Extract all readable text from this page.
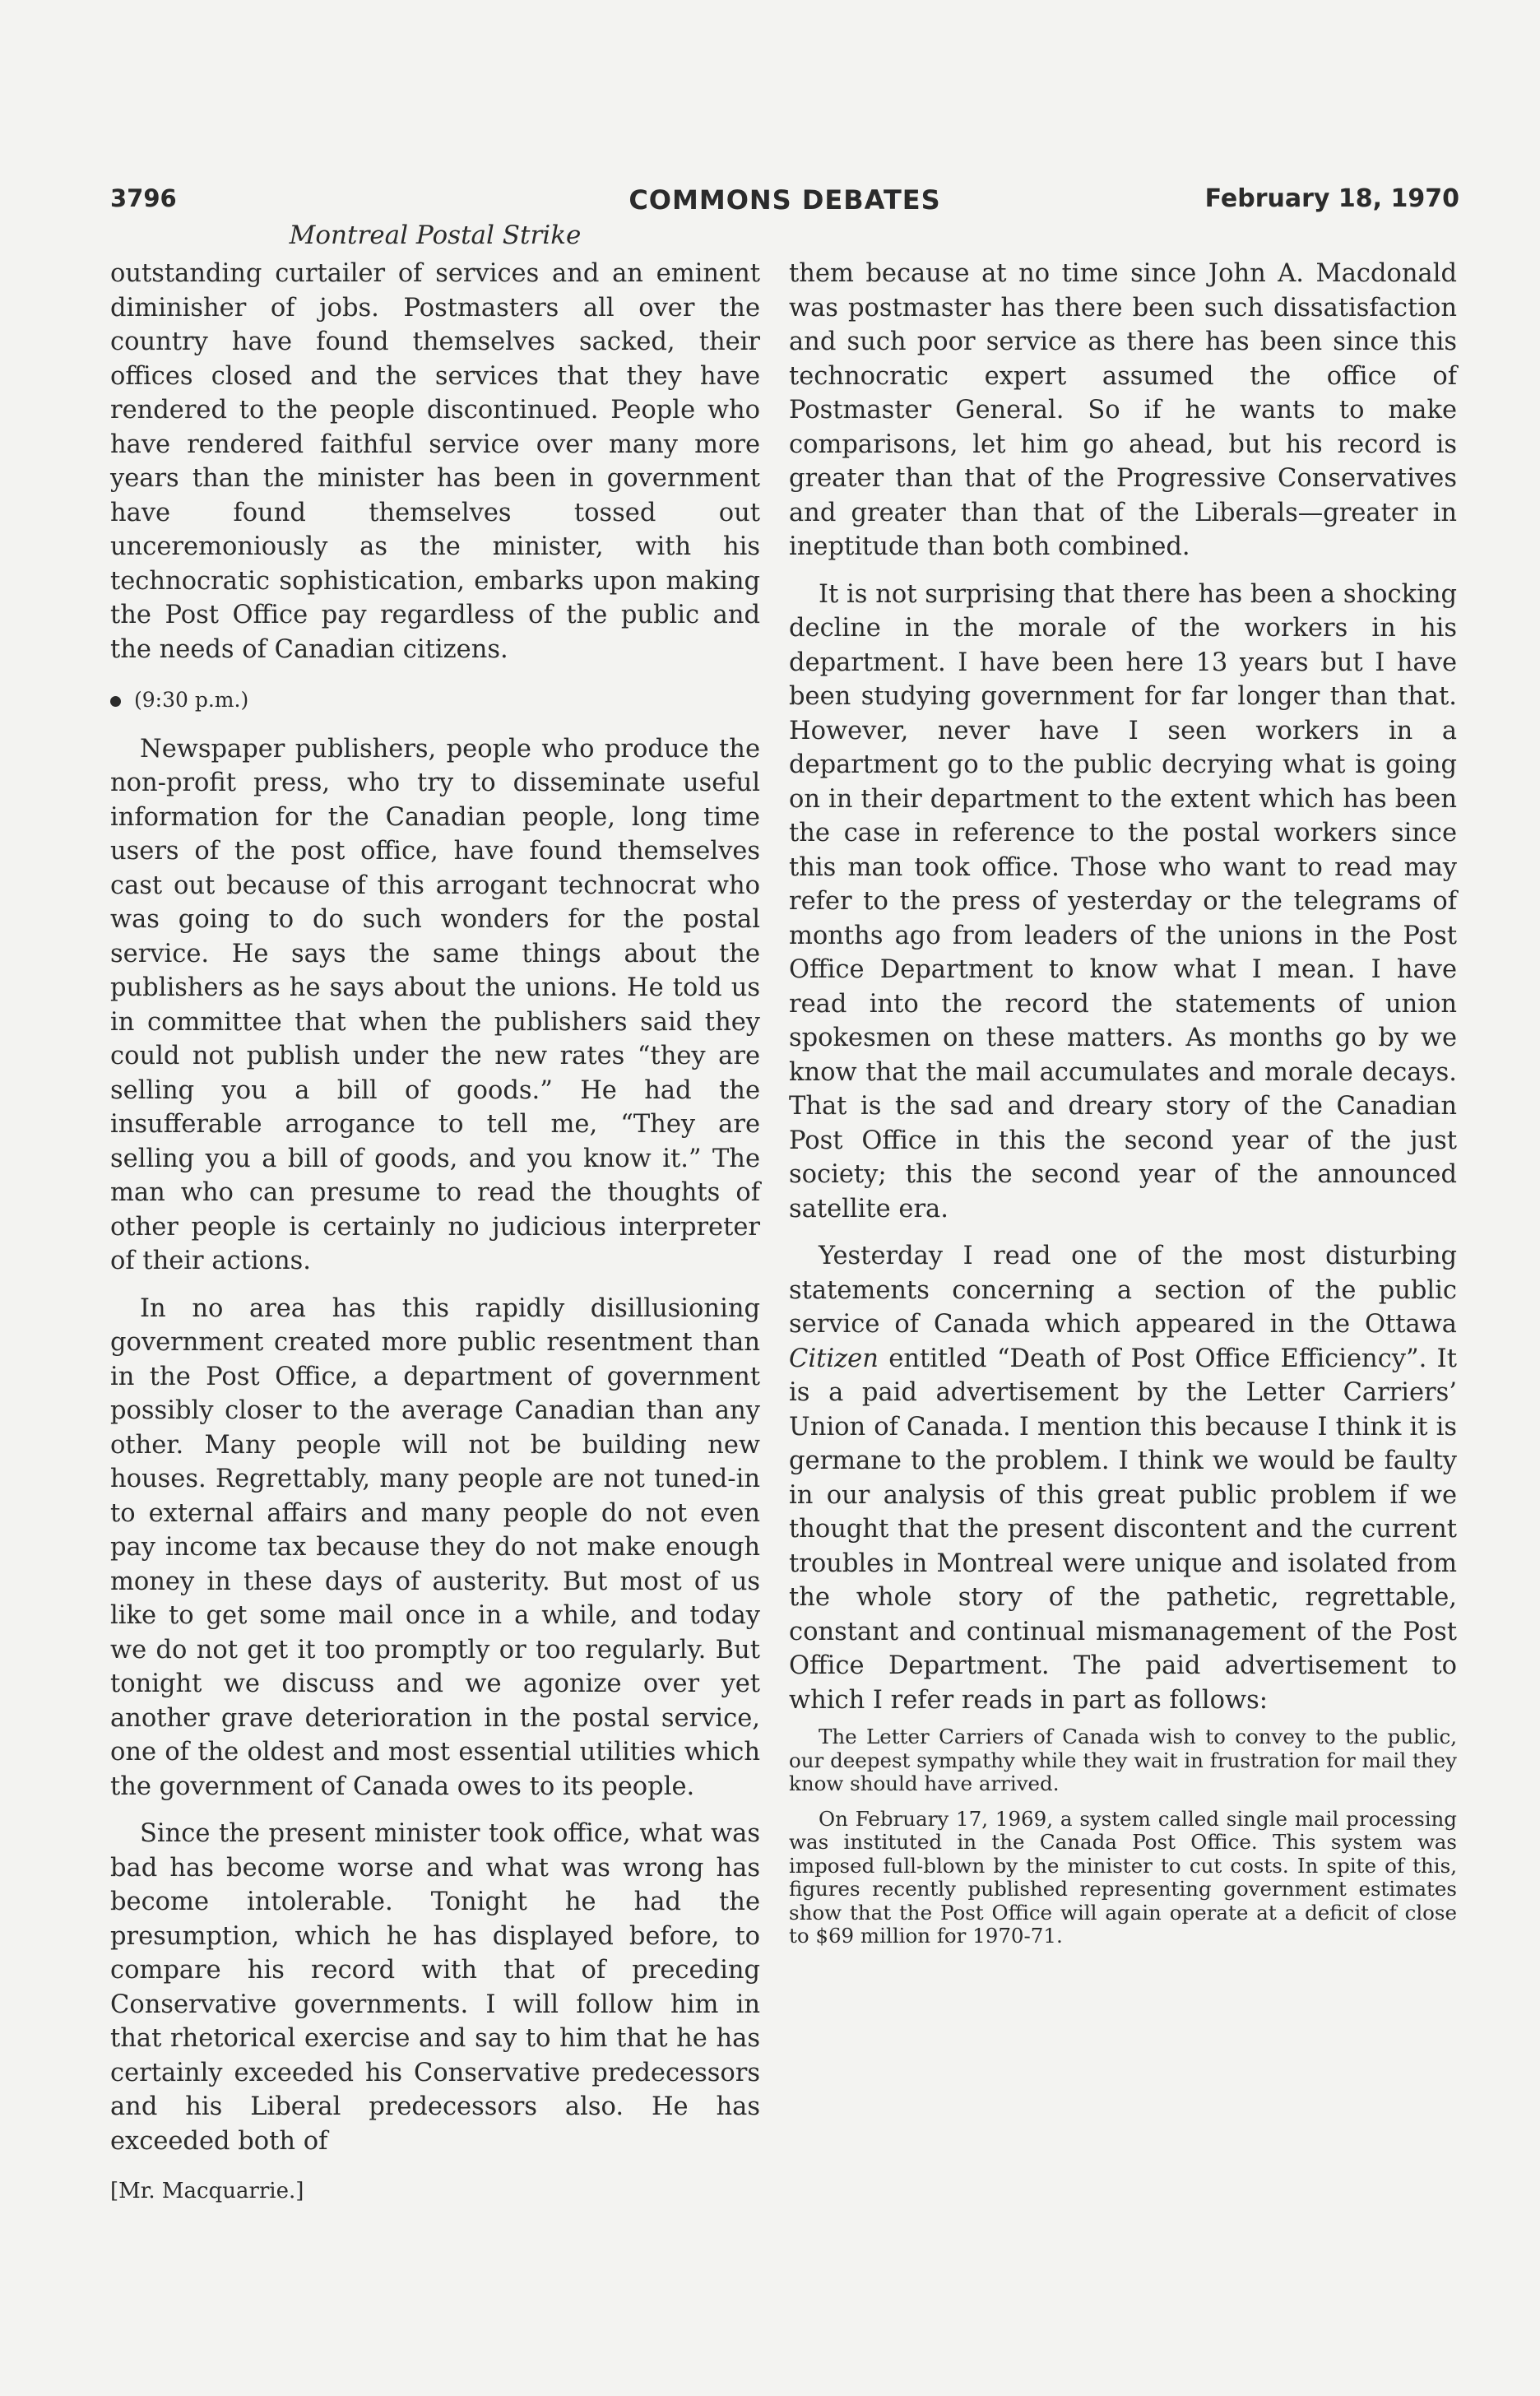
3796	COMMONS DEBATES	February 18, 1970
Montreal Postal Strike

outstanding curtailer of services and an eminent diminisher of jobs. Postmasters all over the country have found themselves sacked, their offices closed and the services that they have rendered to the people discontinued. People who have rendered faithful service over many more years than the minister has been in government have found themselves tossed out unceremoniously as the minister, with his technocratic sophistication, embarks upon making the Post Office pay regardless of the public and the needs of Canadian citizens.

(9:30 p.m.)

Newspaper publishers, people who produce the non-profit press, who try to disseminate useful information for the Canadian people, long time users of the post office, have found themselves cast out because of this arrogant technocrat who was going to do such wonders for the postal service. He says the same things about the publishers as he says about the unions. He told us in committee that when the publishers said they could not publish under the new rates “they are selling you a bill of goods.” He had the insufferable arrogance to tell me, “They are selling you a bill of goods, and you know it.” The man who can presume to read the thoughts of other people is certainly no judicious interpreter of their actions.

In no area has this rapidly disillusioning government created more public resentment than in the Post Office, a department of government possibly closer to the average Canadian than any other. Many people will not be building new houses. Regrettably, many people are not tuned-in to external affairs and many people do not even pay income tax because they do not make enough money in these days of austerity. But most of us like to get some mail once in a while, and today we do not get it too promptly or too regularly. But tonight we discuss and we agonize over yet another grave deterioration in the postal service, one of the oldest and most essential utilities which the government of Canada owes to its people.

Since the present minister took office, what was bad has become worse and what was wrong has become intolerable. Tonight he had the presumption, which he has displayed before, to compare his record with that of preceding Conservative governments. I will follow him in that rhetorical exercise and say to him that he has certainly exceeded his Conservative predecessors and his Liberal predecessors also. He has exceeded both of

[Mr. Macquarrie.]

them because at no time since John A. Macdonald was postmaster has there been such dissatisfaction and such poor service as there has been since this technocratic expert assumed the office of Postmaster General. So if he wants to make comparisons, let him go ahead, but his record is greater than that of the Progressive Conservatives and greater than that of the Liberals—greater in ineptitude than both combined.

It is not surprising that there has been a shocking decline in the morale of the workers in his department. I have been here 13 years but I have been studying government for far longer than that. However, never have I seen workers in a department go to the public decrying what is going on in their department to the extent which has been the case in reference to the postal workers since this man took office. Those who want to read may refer to the press of yesterday or the telegrams of months ago from leaders of the unions in the Post Office Department to know what I mean. I have read into the record the statements of union spokesmen on these matters. As months go by we know that the mail accumulates and morale decays. That is the sad and dreary story of the Canadian Post Office in this the second year of the just society; this the second year of the announced satellite era.

Yesterday I read one of the most disturbing statements concerning a section of the public service of Canada which appeared in the Ottawa Citizen entitled “Death of Post Office Efficiency”. It is a paid advertisement by the Letter Carriers’ Union of Canada. I mention this because I think it is germane to the problem. I think we would be faulty in our analysis of this great public problem if we thought that the present discontent and the current troubles in Montreal were unique and isolated from the whole story of the pathetic, regrettable, constant and continual mismanagement of the Post Office Department. The paid advertisement to which I refer reads in part as follows:

The Letter Carriers of Canada wish to convey to the public, our deepest sympathy while they wait in frustration for mail they know should have arrived.

On February 17, 1969, a system called single mail processing was instituted in the Canada Post Office. This system was imposed full-blown by the minister to cut costs. In spite of this, figures recently published representing government estimates show that the Post Office will again operate at a deficit of close to $69 million for 1970-71.
